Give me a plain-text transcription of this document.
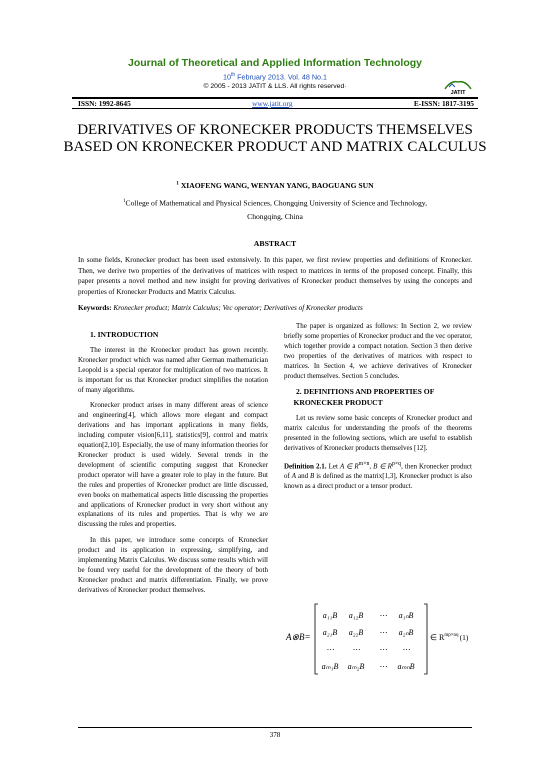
Journal of Theoretical and Applied Information Technology
10th February 2013. Vol. 48 No.1
© 2005 - 2013 JATIT & LLS. All rights reserved·
JATIT
ISSN: 1992-8645	www.jatit.org	E-ISSN: 1817-3195
DERIVATIVES OF KRONECKER PRODUCTS THEMSELVES BASED ON KRONECKER PRODUCT AND MATRIX CALCULUS
$^1$ XIAOFENG WANG, WENYAN YANG, BAOGUANG SUN
$^1$College of Mathematical and Physical Sciences, Chongqing University of Science and Technology,
Chongqing, China
ABSTRACT
In some fields, Kronecker product has been used extensively. In this paper, we first review properties and definitions of Kronecker. Then, we derive two properties of the derivatives of matrices with respect to matrices in terms of the proposed concept. Finally, this paper presents a novel method and new insight for proving derivatives of Kronecker product themselves by using the concepts and properties of Kronecker Products and Matrix Calculus.
Keywords: Kronecker product; Matrix Calculus; Vec operator; Derivatives of Kronecker products

1. INTRODUCTION

The interest in the Kronecker product has grown recently. Kronecker product which was named after German mathematician Leopold is a special operator for multiplication of two matrices. It is important for us that Kronecker product simplifies the notation of many algorithms.

Kronecker product arises in many different areas of science and engineering[4], which allows more elegant and compact derivations and has important applications in many fields, including computer vision[6,11], statistics[9], control and matrix equation[2,10]. Especially, the use of many information theories for Kronecker product is used widely. Several trends in the development of scientific computing suggest that Kronecker product operator will have a greater role to play in the future. But the rules and properties of Kronecker product are little discussed, even books on mathematical aspects little discussing the properties and applications of Kronecker product in very short without any explanations of its rules and properties. That is why we are discussing the rules and properties.

In this paper, we introduce some concepts of Kronecker product and its application in expressing, simplifying, and implementing Matrix Calculus. We discuss some results which will be found very useful for the development of the theory of both Kronecker product and matrix differentiation. Finally, we prove derivatives of Kronecker product themselves.

The paper is organized as follows: In Section 2, we review briefly some properties of Kronecker product and the vec operator, which together provide a compact notation. Section 3 then derive two properties of the derivatives of matrices with respect to matrices. In Section 4, we achieve derivatives of Kronecker product themselves. Section 5 concludes.

2. DEFINITIONS AND PROPERTIES OF
KRONECKER PRODUCT

Let us review some basic concepts of Kronecker product and matrix calculus for understanding the proofs of the theorems presented in the following sections, which are useful to establish derivatives of Kronecker products themselves [12].

Definition 2.1. Let A ∈ $R^{m\times n}$, B ∈ $R^{p\times q}$, then Kronecker product of A and B is defined as the matrix[1,3], Kronecker product is also known as a direct product or a tensor product.

A⊗B=
a₁₁B a₁₂B ⋯ a₁ₙB
a₂₁B a₂₂B ⋯ a₂ₙB
⋯ ⋯ ⋯ ⋯
aₘ₁B aₘ₂B ⋯ aₘₙB
∈ $R^{mp\times nq}$ (1)
378
